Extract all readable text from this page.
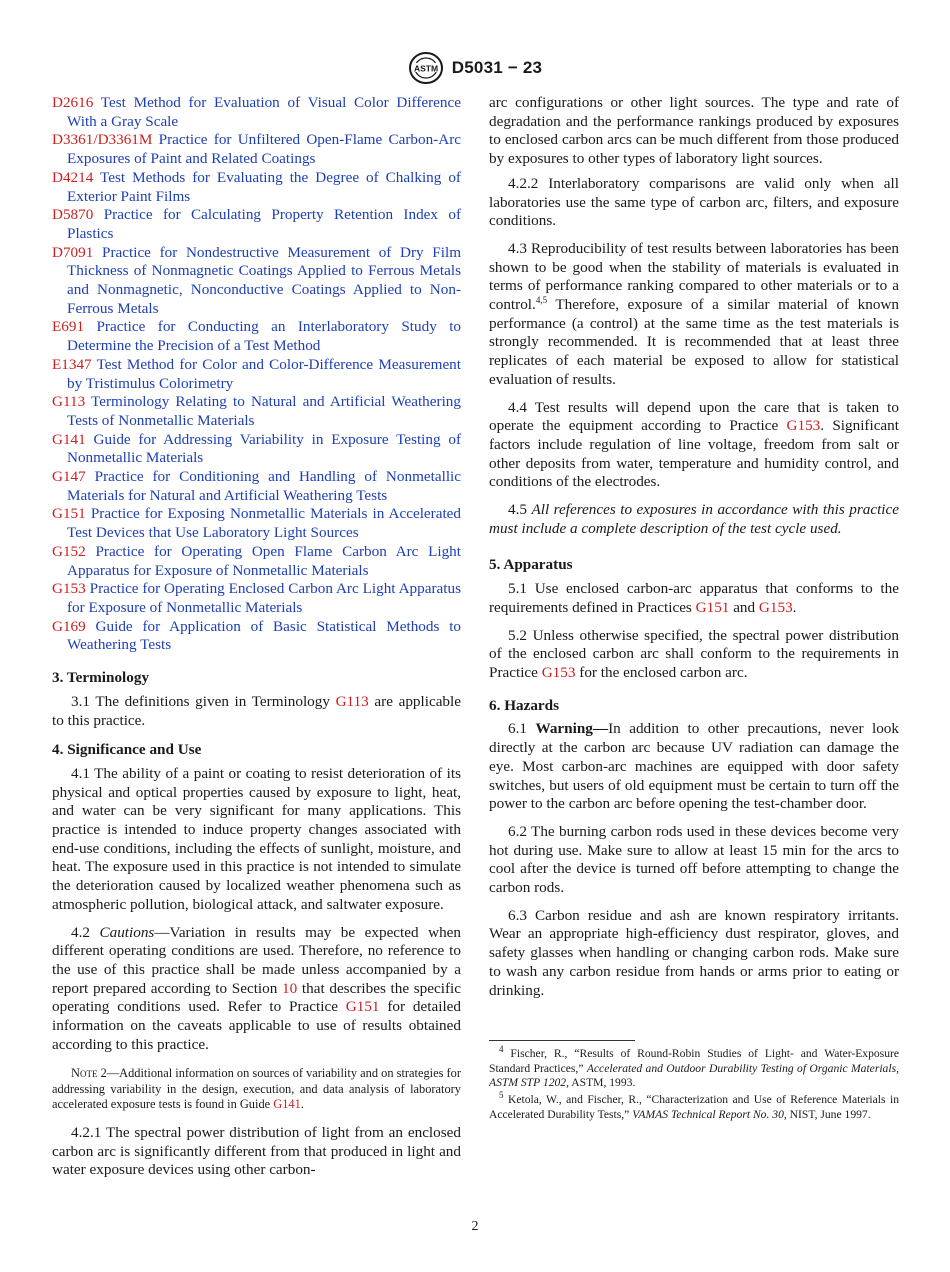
ASTM D5031 − 23
D2616 Test Method for Evaluation of Visual Color Difference With a Gray Scale
D3361/D3361M Practice for Unfiltered Open-Flame Carbon-Arc Exposures of Paint and Related Coatings
D4214 Test Methods for Evaluating the Degree of Chalking of Exterior Paint Films
D5870 Practice for Calculating Property Retention Index of Plastics
D7091 Practice for Nondestructive Measurement of Dry Film Thickness of Nonmagnetic Coatings Applied to Ferrous Metals and Nonmagnetic, Nonconductive Coatings Applied to Non-Ferrous Metals
E691 Practice for Conducting an Interlaboratory Study to Determine the Precision of a Test Method
E1347 Test Method for Color and Color-Difference Measurement by Tristimulus Colorimetry
G113 Terminology Relating to Natural and Artificial Weathering Tests of Nonmetallic Materials
G141 Guide for Addressing Variability in Exposure Testing of Nonmetallic Materials
G147 Practice for Conditioning and Handling of Nonmetallic Materials for Natural and Artificial Weathering Tests
G151 Practice for Exposing Nonmetallic Materials in Accelerated Test Devices that Use Laboratory Light Sources
G152 Practice for Operating Open Flame Carbon Arc Light Apparatus for Exposure of Nonmetallic Materials
G153 Practice for Operating Enclosed Carbon Arc Light Apparatus for Exposure of Nonmetallic Materials
G169 Guide for Application of Basic Statistical Methods to Weathering Tests
3. Terminology
3.1 The definitions given in Terminology G113 are applicable to this practice.
4. Significance and Use
4.1 The ability of a paint or coating to resist deterioration of its physical and optical properties caused by exposure to light, heat, and water can be very significant for many applications. This practice is intended to induce property changes associated with end-use conditions, including the effects of sunlight, moisture, and heat. The exposure used in this practice is not intended to simulate the deterioration caused by localized weather phenomena such as atmospheric pollution, biological attack, and saltwater exposure.
4.2 Cautions—Variation in results may be expected when different operating conditions are used. Therefore, no reference to the use of this practice shall be made unless accompanied by a report prepared according to Section 10 that describes the specific operating conditions used. Refer to Practice G151 for detailed information on the caveats applicable to use of results obtained according to this practice.
Note 2—Additional information on sources of variability and on strategies for addressing variability in the design, execution, and data analysis of laboratory accelerated exposure tests is found in Guide G141.
4.2.1 The spectral power distribution of light from an enclosed carbon arc is significantly different from that produced in light and water exposure devices using other carbon-
arc configurations or other light sources. The type and rate of degradation and the performance rankings produced by exposures to enclosed carbon arcs can be much different from those produced by exposures to other types of laboratory light sources.
4.2.2 Interlaboratory comparisons are valid only when all laboratories use the same type of carbon arc, filters, and exposure conditions.
4.3 Reproducibility of test results between laboratories has been shown to be good when the stability of materials is evaluated in terms of performance ranking compared to other materials or to a control.$^{4,5}$ Therefore, exposure of a similar material of known performance (a control) at the same time as the test materials is strongly recommended. It is recommended that at least three replicates of each material be exposed to allow for statistical evaluation of results.
4.4 Test results will depend upon the care that is taken to operate the equipment according to Practice G153. Significant factors include regulation of line voltage, freedom from salt or other deposits from water, temperature and humidity control, and conditions of the electrodes.
4.5 All references to exposures in accordance with this practice must include a complete description of the test cycle used.
5. Apparatus
5.1 Use enclosed carbon-arc apparatus that conforms to the requirements defined in Practices G151 and G153.
5.2 Unless otherwise specified, the spectral power distribution of the enclosed carbon arc shall conform to the requirements in Practice G153 for the enclosed carbon arc.
6. Hazards
6.1 Warning—In addition to other precautions, never look directly at the carbon arc because UV radiation can damage the eye. Most carbon-arc machines are equipped with door safety switches, but users of old equipment must be certain to turn off the power to the carbon arc before opening the test-chamber door.
6.2 The burning carbon rods used in these devices become very hot during use. Make sure to allow at least 15 min for the arcs to cool after the device is turned off before attempting to change the carbon rods.
6.3 Carbon residue and ash are known respiratory irritants. Wear an appropriate high-efficiency dust respirator, gloves, and safety glasses when handling or changing carbon rods. Make sure to wash any carbon residue from hands or arms prior to eating or drinking.
$^4$ Fischer, R., “Results of Round-Robin Studies of Light- and Water-Exposure Standard Practices,” Accelerated and Outdoor Durability Testing of Organic Materials, ASTM STP 1202, ASTM, 1993.
$^5$ Ketola, W., and Fischer, R., “Characterization and Use of Reference Materials in Accelerated Durability Tests,” VAMAS Technical Report No. 30, NIST, June 1997.
2
